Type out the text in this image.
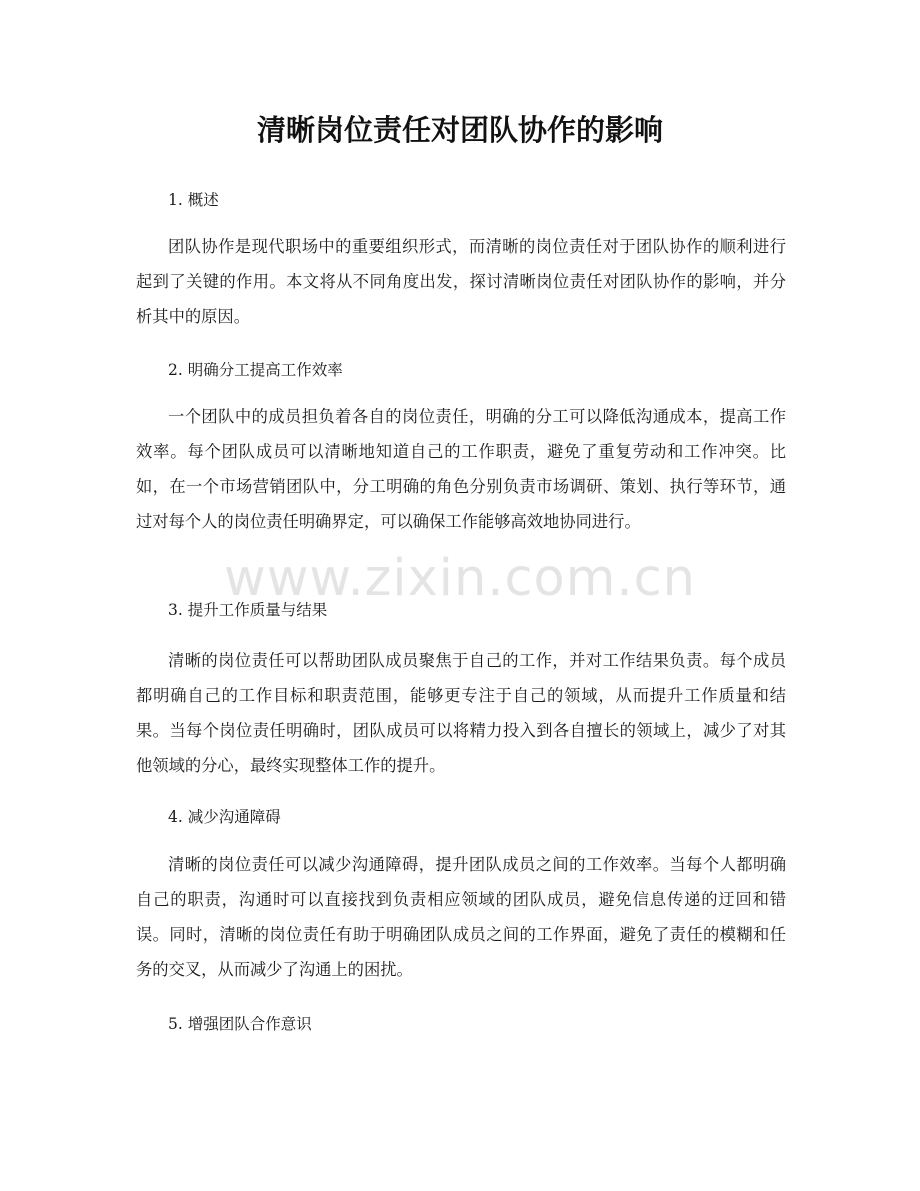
清晰岗位责任对团队协作的影响
1. 概述

团队协作是现代职场中的重要组织形式，而清晰的岗位责任对于团队协作的顺利进行起到了关键的作用。本文将从不同角度出发，探讨清晰岗位责任对团队协作的影响，并分析其中的原因。

2. 明确分工提高工作效率

一个团队中的成员担负着各自的岗位责任，明确的分工可以降低沟通成本，提高工作效率。每个团队成员可以清晰地知道自己的工作职责，避免了重复劳动和工作冲突。比如，在一个市场营销团队中，分工明确的角色分别负责市场调研、策划、执行等环节，通过对每个人的岗位责任明确界定，可以确保工作能够高效地协同进行。

3. 提升工作质量与结果

清晰的岗位责任可以帮助团队成员聚焦于自己的工作，并对工作结果负责。每个成员都明确自己的工作目标和职责范围，能够更专注于自己的领域，从而提升工作质量和结果。当每个岗位责任明确时，团队成员可以将精力投入到各自擅长的领域上，减少了对其他领域的分心，最终实现整体工作的提升。

4. 减少沟通障碍

清晰的岗位责任可以减少沟通障碍，提升团队成员之间的工作效率。当每个人都明确自己的职责，沟通时可以直接找到负责相应领域的团队成员，避免信息传递的迂回和错误。同时，清晰的岗位责任有助于明确团队成员之间的工作界面，避免了责任的模糊和任务的交叉，从而减少了沟通上的困扰。

5. 增强团队合作意识
www.zixin.com.cn
